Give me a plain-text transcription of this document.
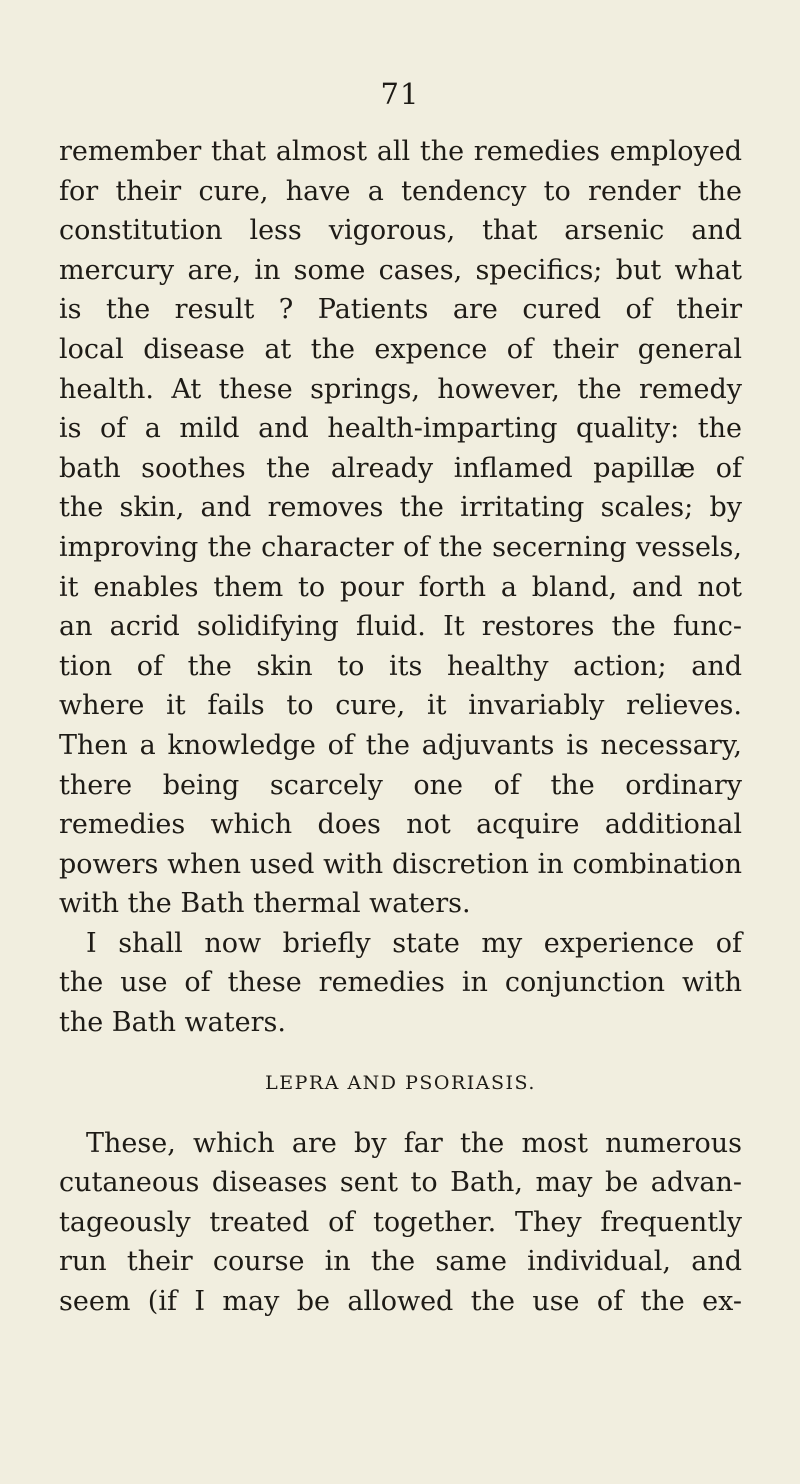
71
remember that almost all the remedies employed
for their cure, have a tendency to render the
constitution less vigorous, that arsenic and
mercury are, in some cases, specifics; but what
is the result ? Patients are cured of their
local disease at the expence of their general
health. At these springs, however, the remedy
is of a mild and health-imparting quality: the
bath soothes the already inflamed papillæ of
the skin, and removes the irritating scales; by
improving the character of the secerning vessels,
it enables them to pour forth a bland, and not
an acrid solidifying fluid. It restores the func-
tion of the skin to its healthy action; and
where it fails to cure, it invariably relieves.
Then a knowledge of the adjuvants is necessary,
there being scarcely one of the ordinary
remedies which does not acquire additional
powers when used with discretion in combination
with the Bath thermal waters.
I shall now briefly state my experience of
the use of these remedies in conjunction with
the Bath waters.
LEPRA AND PSORIASIS.
These, which are by far the most numerous
cutaneous diseases sent to Bath, may be advan-
tageously treated of together. They frequently
run their course in the same individual, and
seem (if I may be allowed the use of the ex-
